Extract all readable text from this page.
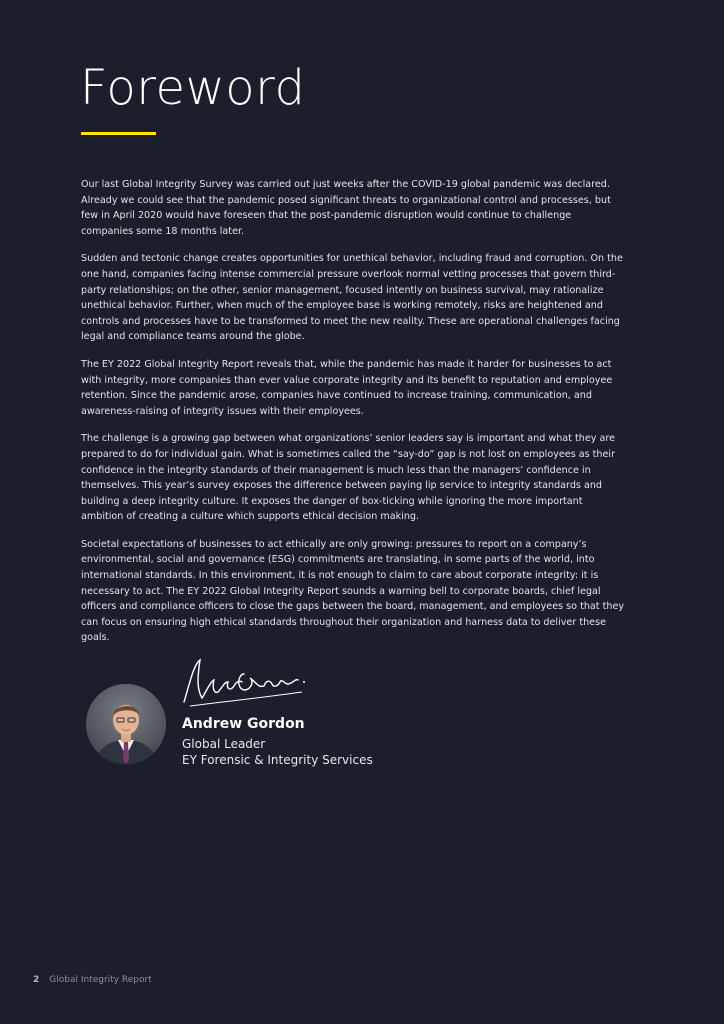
Foreword

Our last Global Integrity Survey was carried out just weeks after the COVID-19 global pandemic was declared. Already we could see that the pandemic posed significant threats to organizational control and processes, but few in April 2020 would have foreseen that the post-pandemic disruption would continue to challenge companies some 18 months later.

Sudden and tectonic change creates opportunities for unethical behavior, including fraud and corruption. On the one hand, companies facing intense commercial pressure overlook normal vetting processes that govern third-party relationships; on the other, senior management, focused intently on business survival, may rationalize unethical behavior. Further, when much of the employee base is working remotely, risks are heightened and controls and processes have to be transformed to meet the new reality. These are operational challenges facing legal and compliance teams around the globe.

The EY 2022 Global Integrity Report reveals that, while the pandemic has made it harder for businesses to act with integrity, more companies than ever value corporate integrity and its benefit to reputation and employee retention. Since the pandemic arose, companies have continued to increase training, communication, and awareness-raising of integrity issues with their employees.

The challenge is a growing gap between what organizations’ senior leaders say is important and what they are prepared to do for individual gain. What is sometimes called the “say-do” gap is not lost on employees as their confidence in the integrity standards of their management is much less than the managers’ confidence in themselves. This year’s survey exposes the difference between paying lip service to integrity standards and building a deep integrity culture. It exposes the danger of box-ticking while ignoring the more important ambition of creating a culture which supports ethical decision making.

Societal expectations of businesses to act ethically are only growing: pressures to report on a company’s environmental, social and governance (ESG) commitments are translating, in some parts of the world, into international standards. In this environment, it is not enough to claim to care about corporate integrity: it is necessary to act. The EY 2022 Global Integrity Report sounds a warning bell to corporate boards, chief legal officers and compliance officers to close the gaps between the board, management, and employees so that they can focus on ensuring high ethical standards throughout their organization and harness data to deliver these goals.

Andrew Gordon
Global Leader
EY Forensic & Integrity Services
2 Global Integrity Report
